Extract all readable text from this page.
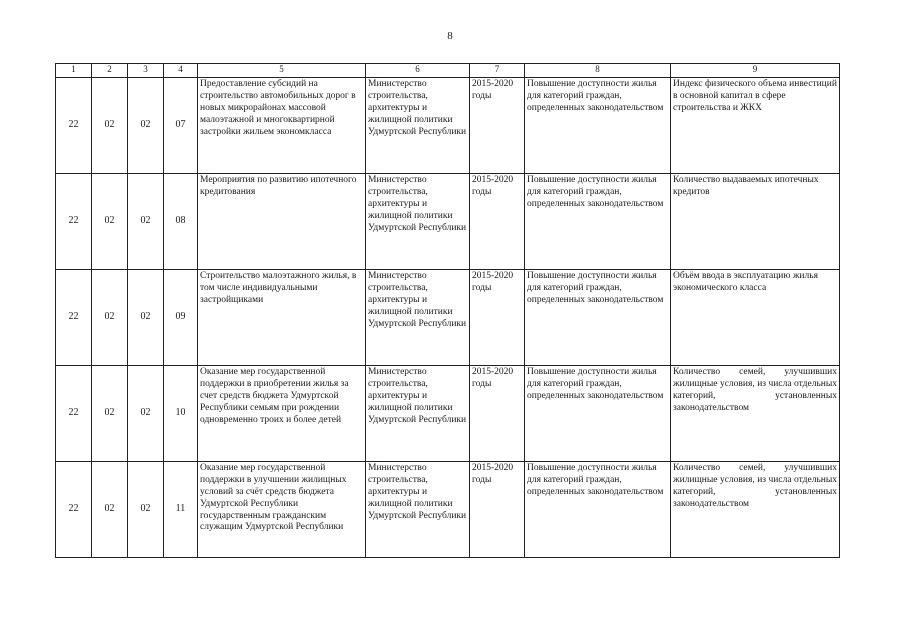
8
1	2	3	4	5	6	7	8	9
22	02	02	07	Предоставление субсидий на строительство автомобильных дорог в новых микрорайонах массовой малоэтажной и многоквартирной застройки жильем экономкласса	Министерство строительства, архитектуры и жилищной политики Удмуртской Республики	2015-2020 годы	Повышение доступности жилья для категорий граждан, определенных законодательством	Индекс физического объема инвестиций в основной капитал в сфере строительства и ЖКХ
22	02	02	08	Мероприятия по развитию ипотечного кредитования	Министерство строительства, архитектуры и жилищной политики Удмуртской Республики	2015-2020 годы	Повышение доступности жилья для категорий граждан, определенных законодательством	Количество выдаваемых ипотечных кредитов
22	02	02	09	Строительство малоэтажного жилья, в том числе индивидуальными застройщиками	Министерство строительства, архитектуры и жилищной политики Удмуртской Республики	2015-2020 годы	Повышение доступности жилья для категорий граждан, определенных законодательством	Объём ввода в эксплуатацию жилья экономического класса
22	02	02	10	Оказание мер государственной поддержки в приобретении жилья за счет средств бюджета Удмуртской Республики семьям при рождении одновременно троих и более детей	Министерство строительства, архитектуры и жилищной политики Удмуртской Республики	2015-2020 годы	Повышение доступности жилья для категорий граждан, определенных законодательством	Количество семей, улучшивших жилищные условия, из числа отдельных категорий, установленных законодательством
22	02	02	11	Оказание мер государственной поддержки в улучшении жилищных условий за счёт средств бюджета Удмуртской Республики государственным гражданским служащим Удмуртской Республики	Министерство строительства, архитектуры и жилищной политики Удмуртской Республики	2015-2020 годы	Повышение доступности жилья для категорий граждан, определенных законодательством	Количество семей, улучшивших жилищные условия, из числа отдельных категорий, установленных законодательством
